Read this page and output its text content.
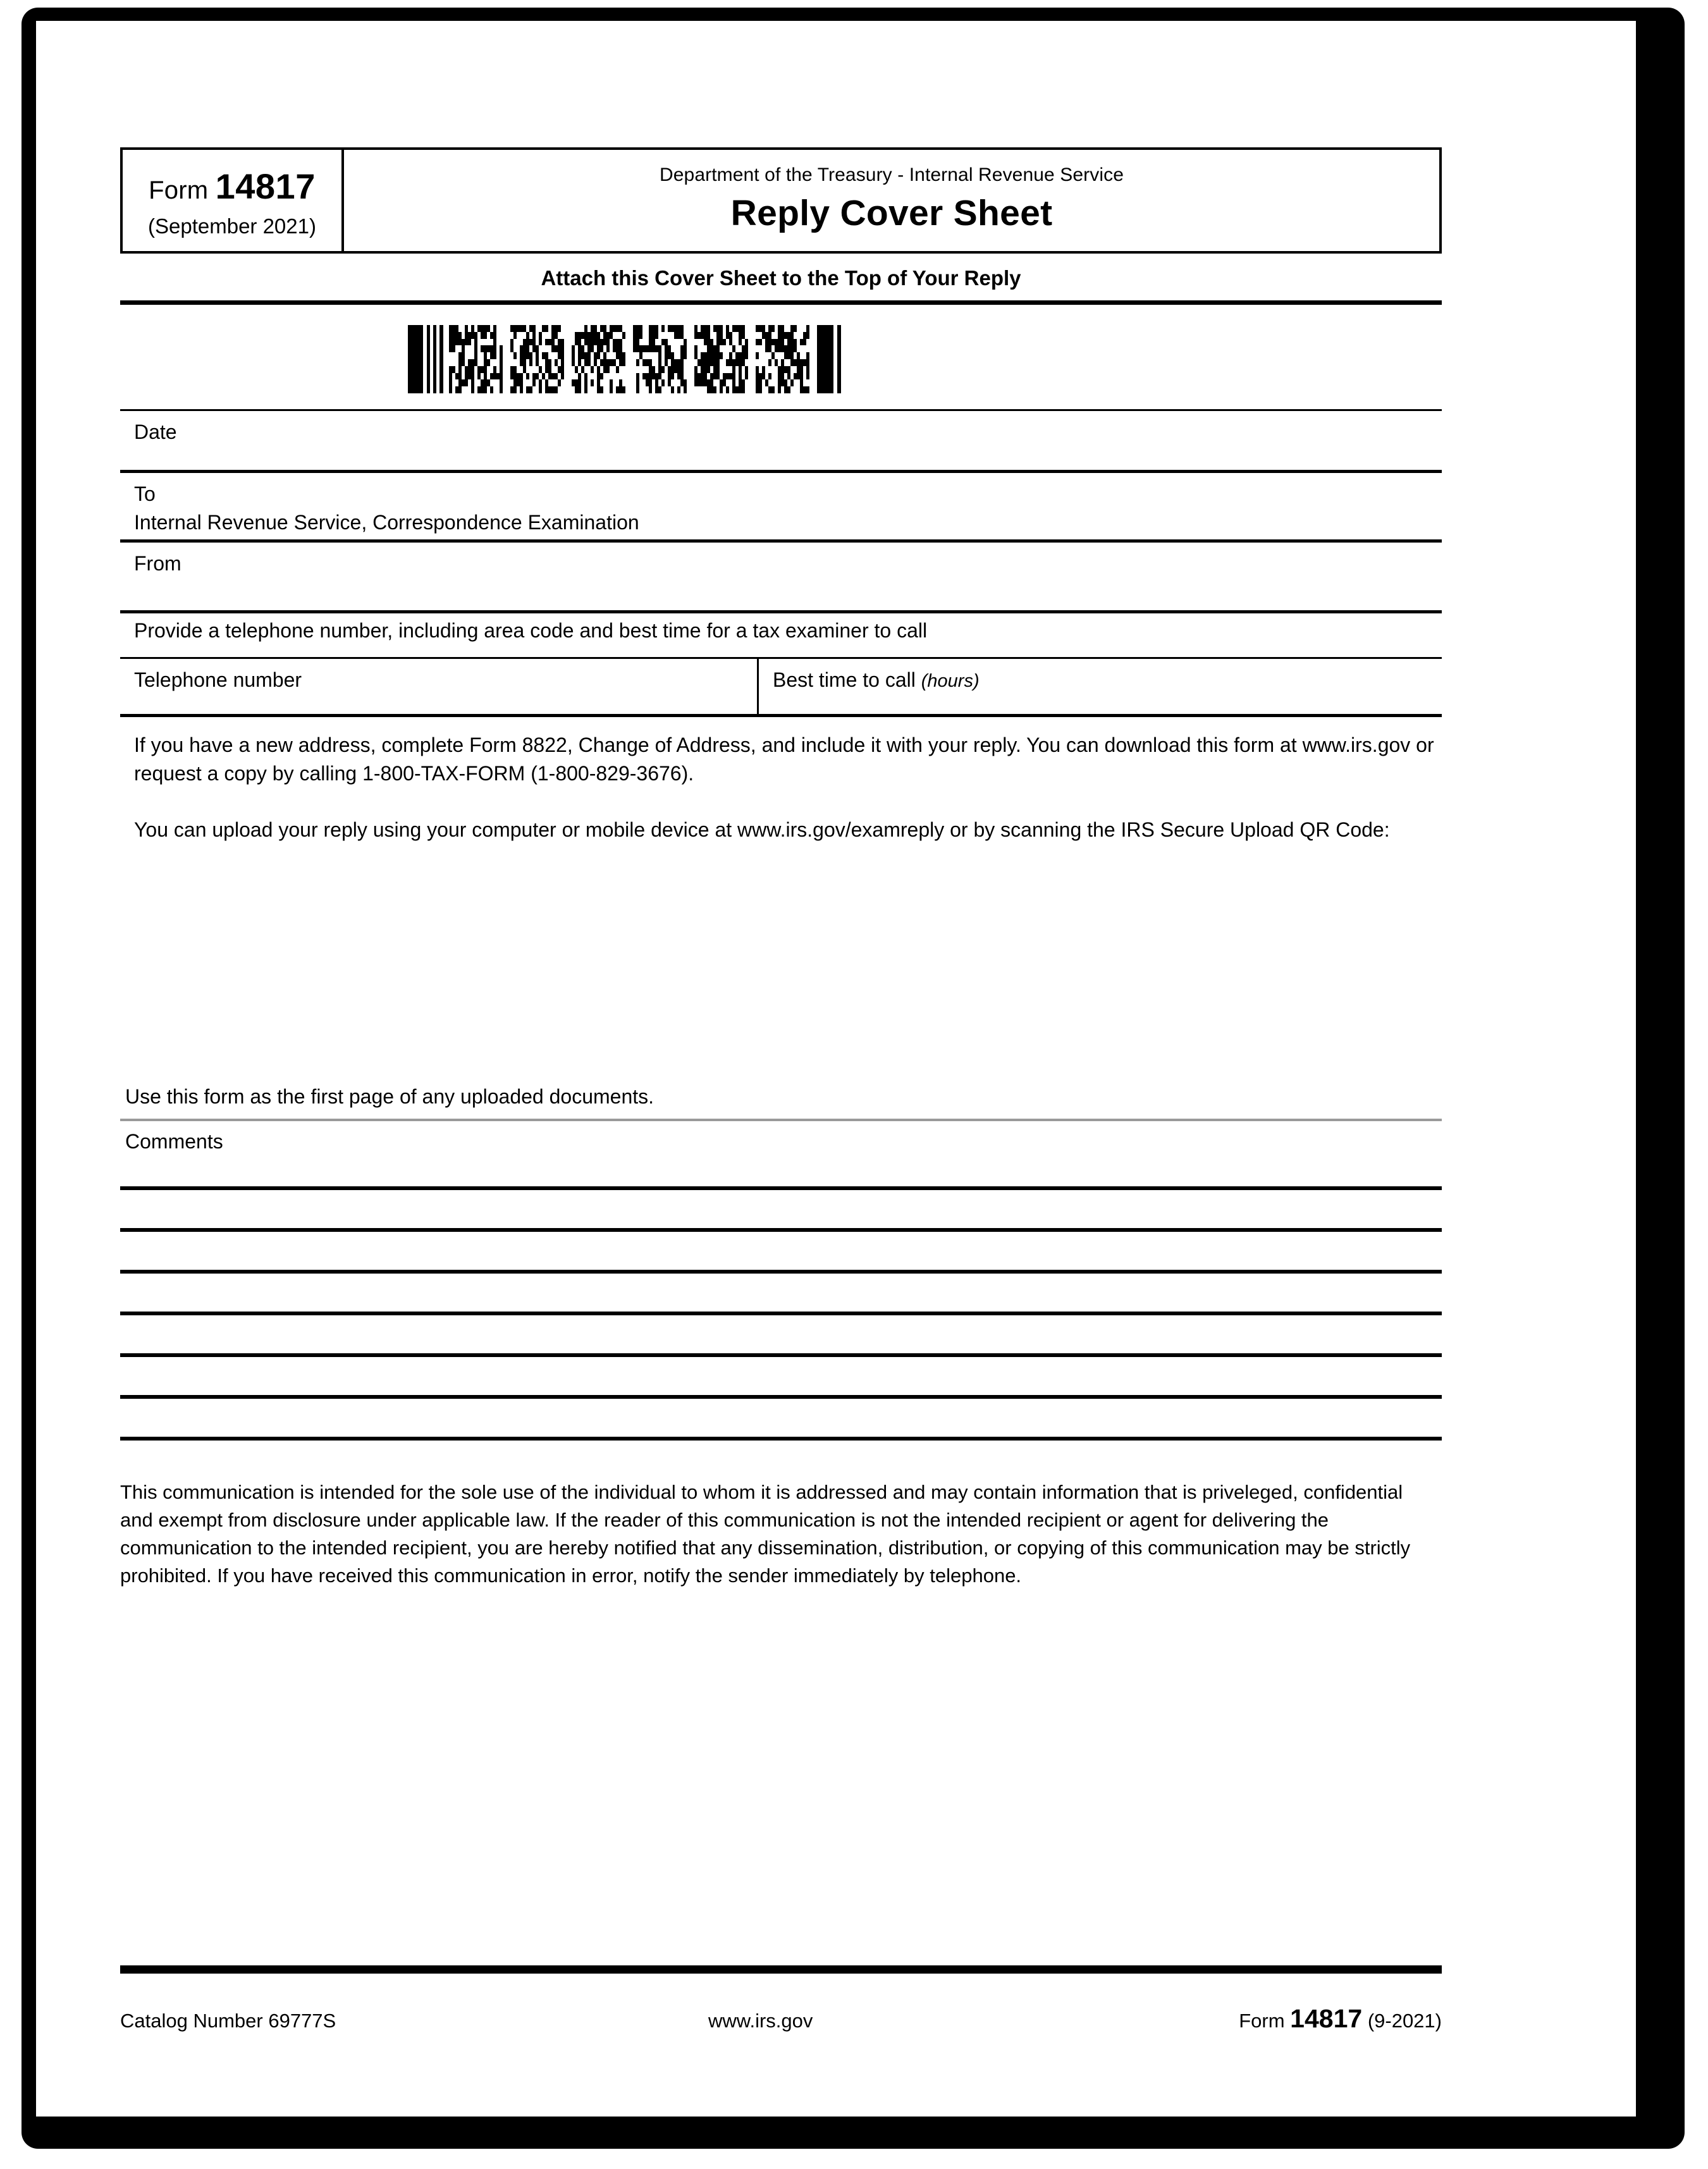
Form 14817
(September 2021)
Department of the Treasury - Internal Revenue Service
Reply Cover Sheet
Attach this Cover Sheet to the Top of Your Reply
Date
To
Internal Revenue Service, Correspondence Examination
From
Provide a telephone number, including area code and best time for a tax examiner to call
Telephone number	Best time to call (hours)
If you have a new address, complete Form 8822, Change of Address, and include it with your reply. You can download this form at www.irs.gov or request a copy by calling 1-800-TAX-FORM (1-800-829-3676).
You can upload your reply using your computer or mobile device at www.irs.gov/examreply or by scanning the IRS Secure Upload QR Code:
Use this form as the first page of any uploaded documents.
Comments
This communication is intended for the sole use of the individual to whom it is addressed and may contain information that is priveleged, confidential and exempt from disclosure under applicable law. If the reader of this communication is not the intended recipient or agent for delivering the communication to the intended recipient, you are hereby notified that any dissemination, distribution, or copying of this communication may be strictly prohibited. If you have received this communication in error, notify the sender immediately by telephone.
Catalog Number 69777S	www.irs.gov	Form 14817 (9-2021)
